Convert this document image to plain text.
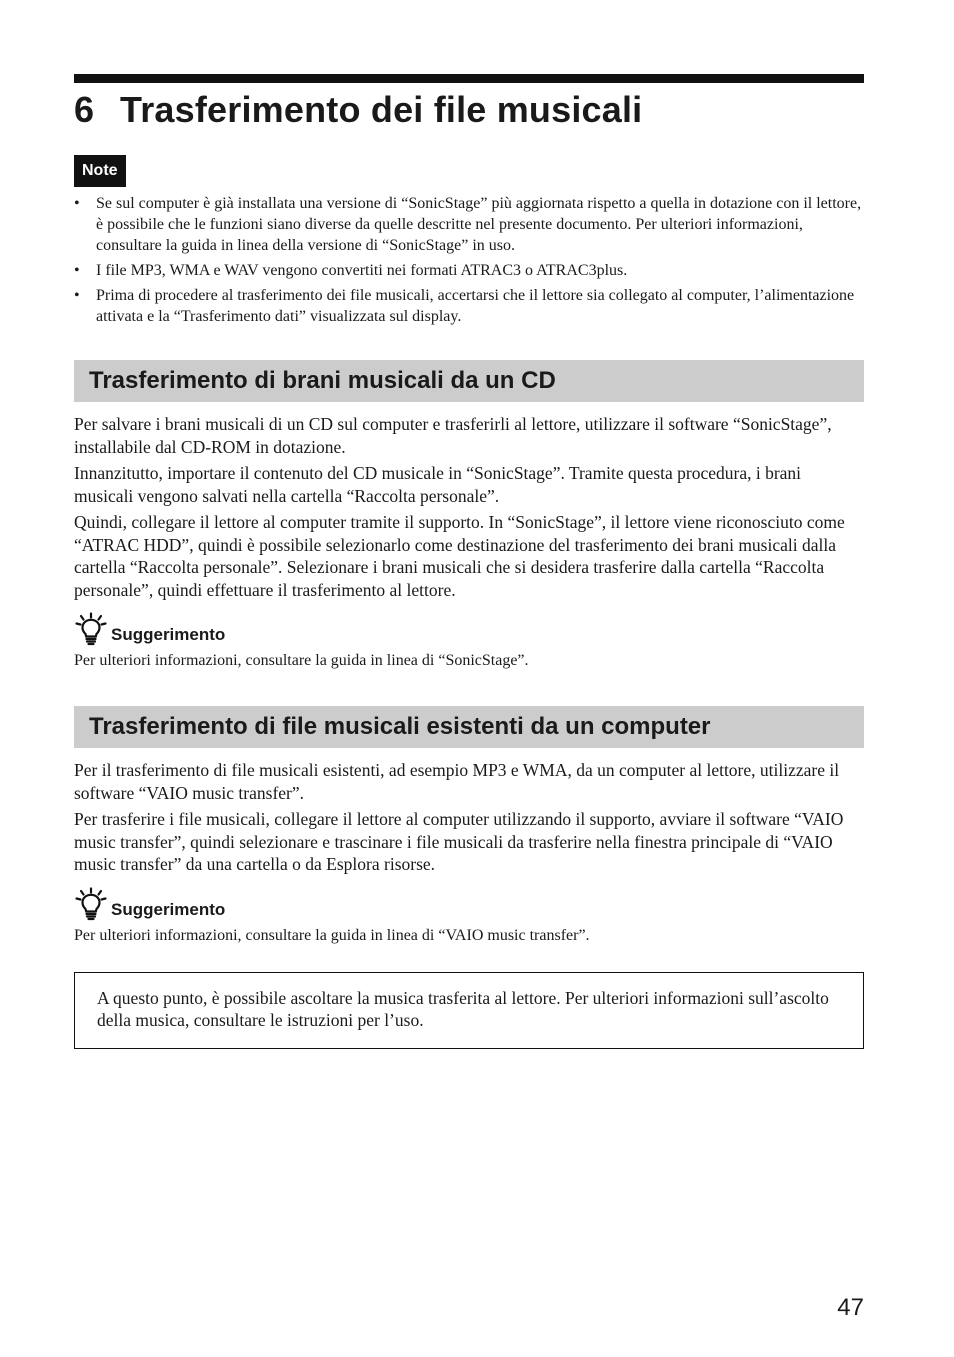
6 Trasferimento dei file musicali
Note
• Se sul computer è già installata una versione di “SonicStage” più aggiornata rispetto a quella in dotazione con il lettore, è possibile che le funzioni siano diverse da quelle descritte nel presente documento. Per ulteriori informazioni, consultare la guida in linea della versione di “SonicStage” in uso.
• I file MP3, WMA e WAV vengono convertiti nei formati ATRAC3 o ATRAC3plus.
• Prima di procedere al trasferimento dei file musicali, accertarsi che il lettore sia collegato al computer, l’alimentazione attivata e la “Trasferimento dati” visualizzata sul display.
Trasferimento di brani musicali da un CD

Per salvare i brani musicali di un CD sul computer e trasferirli al lettore, utilizzare il software “SonicStage”, installabile dal CD-ROM in dotazione.

Innanzitutto, importare il contenuto del CD musicale in “SonicStage”. Tramite questa procedura, i brani musicali vengono salvati nella cartella “Raccolta personale”.

Quindi, collegare il lettore al computer tramite il supporto. In “SonicStage”, il lettore viene riconosciuto come “ATRAC HDD”, quindi è possibile selezionarlo come destinazione del trasferimento dei brani musicali dalla cartella “Raccolta personale”. Selezionare i brani musicali che si desidera trasferire dalla cartella “Raccolta personale”, quindi effettuare il trasferimento al lettore.

Suggerimento

Per ulteriori informazioni, consultare la guida in linea di “SonicStage”.

Trasferimento di file musicali esistenti da un computer

Per il trasferimento di file musicali esistenti, ad esempio MP3 e WMA, da un computer al lettore, utilizzare il software “VAIO music transfer”.

Per trasferire i file musicali, collegare il lettore al computer utilizzando il supporto, avviare il software “VAIO music transfer”, quindi selezionare e trascinare i file musicali da trasferire nella finestra principale di “VAIO music transfer” da una cartella o da Esplora risorse.

Suggerimento

Per ulteriori informazioni, consultare la guida in linea di “VAIO music transfer”.

A questo punto, è possibile ascoltare la musica trasferita al lettore. Per ulteriori informazioni sull’ascolto della musica, consultare le istruzioni per l’uso.
47
